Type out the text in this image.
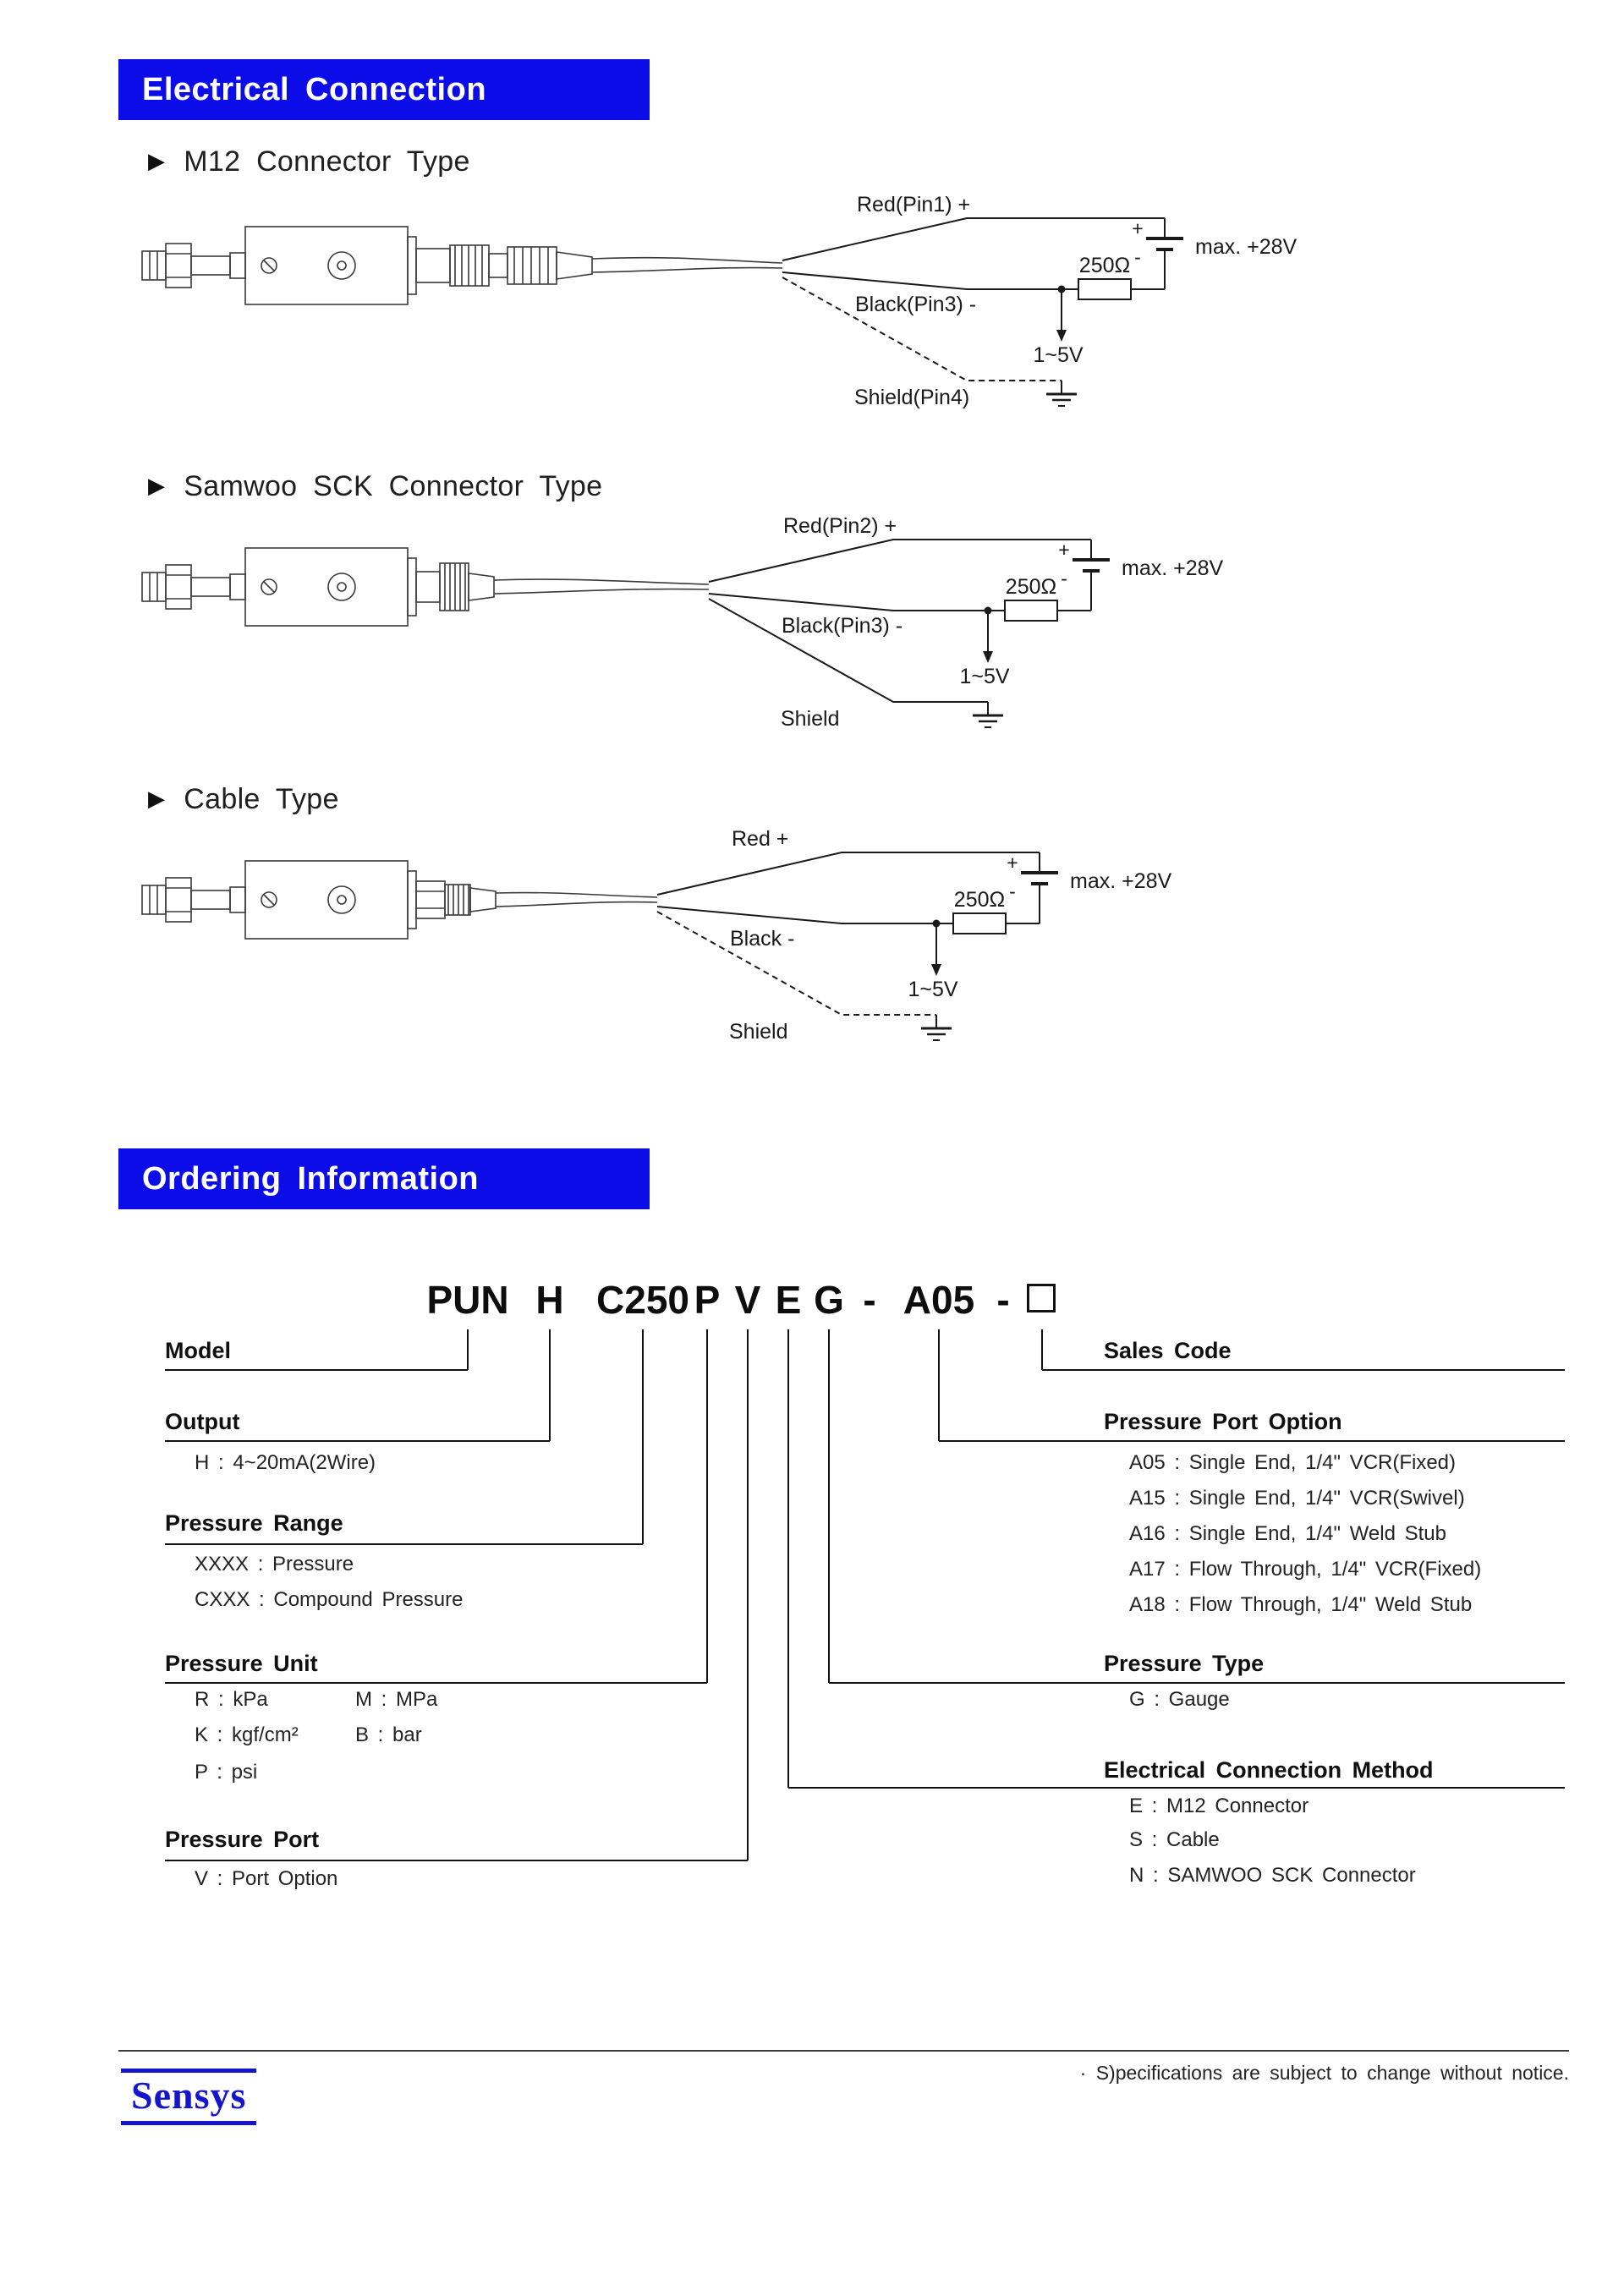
Electrical Connection
▶ M12 Connector Type
+
-	max. +28V
250Ω
1~5V
Red(Pin1) +
Black(Pin3) -
Shield(Pin4)
▶ Samwoo SCK Connector Type
+
-	max. +28V
250Ω
1~5V
Red(Pin2) +
Black(Pin3) -
Shield
▶ Cable Type
+
-	max. +28V
250Ω
1~5V
Red +
Black -
Shield
Ordering Information
PUN H C250 P V E G - A05 -
Model
Output
H : 4~20mA(2Wire)
Pressure Range
XXXX : Pressure
CXXX : Compound Pressure
Pressure Unit
R : kPa	M : MPa
K : kgf/cm²	B : bar
P : psi
Pressure Port
V : Port Option
Sales Code
Pressure Port Option
A05 : Single End, 1/4" VCR(Fixed)
A15 : Single End, 1/4" VCR(Swivel)
A16 : Single End, 1/4" Weld Stub
A17 : Flow Through, 1/4" VCR(Fixed)
A18 : Flow Through, 1/4" Weld Stub
Pressure Type
G : Gauge
Electrical Connection Method
E : M12 Connector
S : Cable
N : SAMWOO SCK Connector
Sensys
· S)pecifications are subject to change without notice.
